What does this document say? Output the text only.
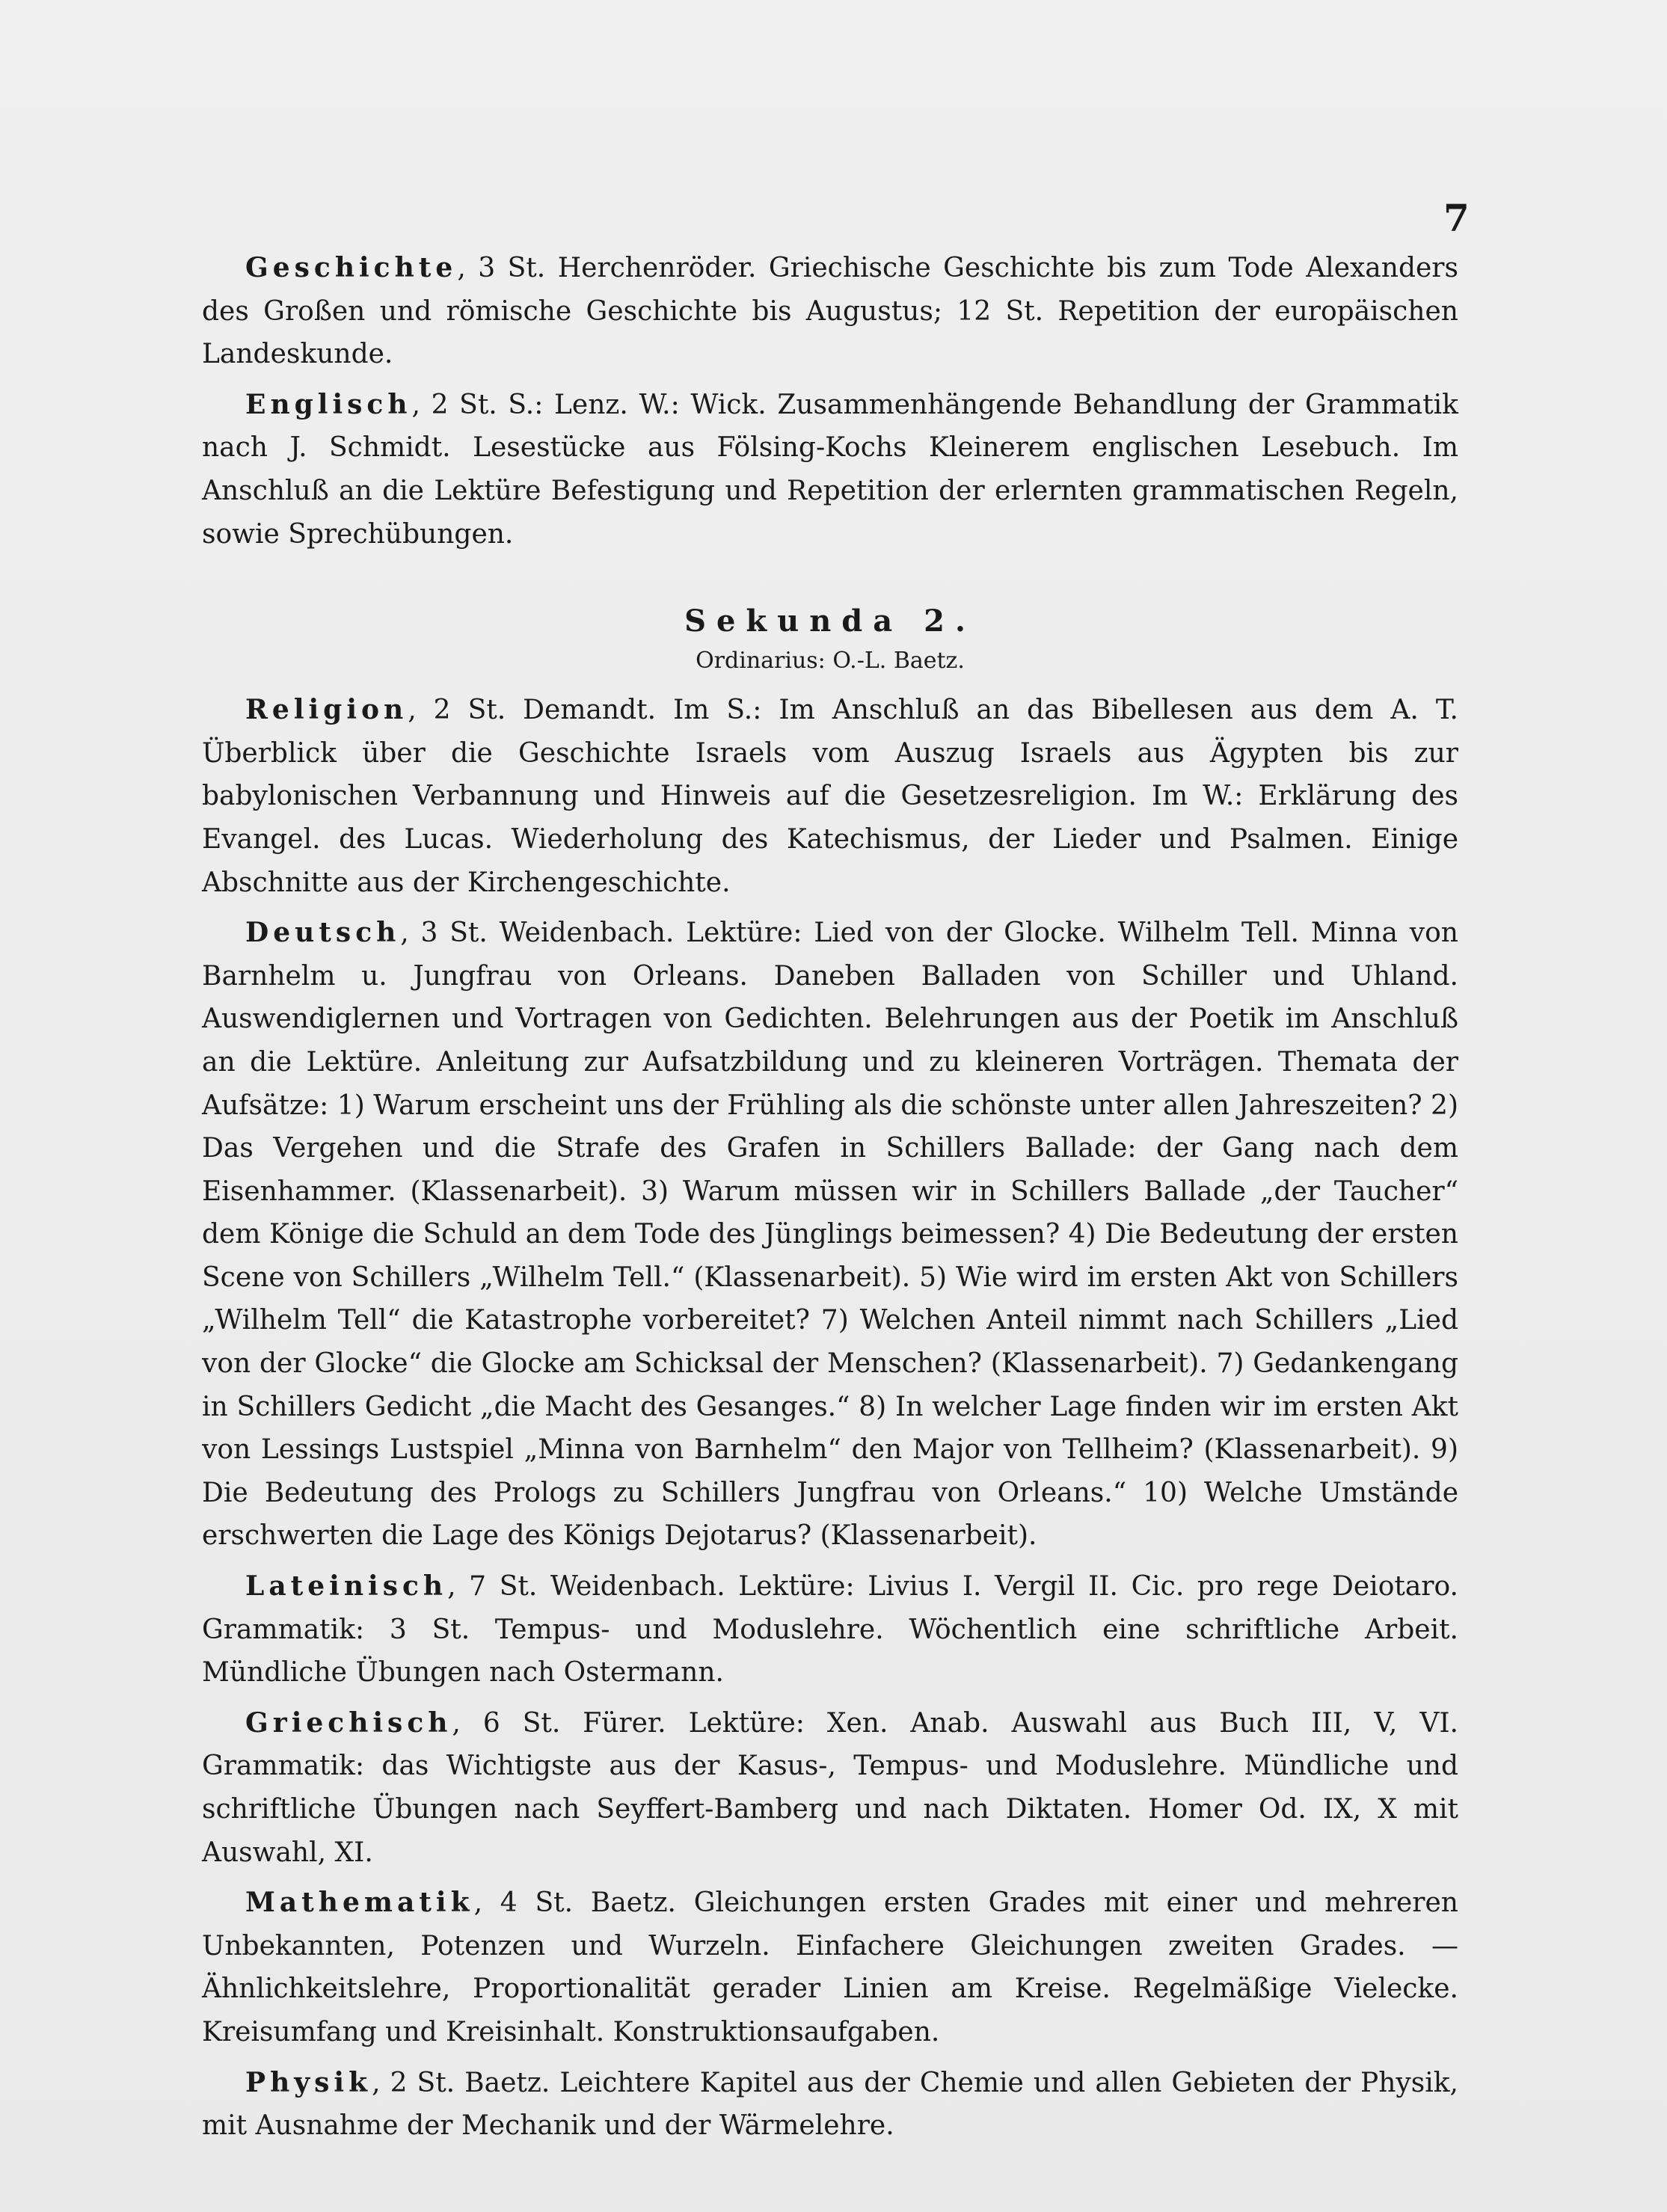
7

Geschichte, 3 St. Herchenröder. Griechische Geschichte bis zum Tode Alexanders des Großen und römische Geschichte bis Augustus; 12 St. Repetition der europäischen Landeskunde.

Englisch, 2 St. S.: Lenz. W.: Wick. Zusammenhängende Behandlung der Grammatik nach J. Schmidt. Lesestücke aus Fölsing-Kochs Kleinerem englischen Lesebuch. Im Anschluß an die Lektüre Befestigung und Repetition der erlernten grammatischen Regeln, sowie Sprechübungen.

Sekunda 2.
Ordinarius: O.-L. Baetz.

Religion, 2 St. Demandt. Im S.: Im Anschluß an das Bibellesen aus dem A. T. Überblick über die Geschichte Israels vom Auszug Israels aus Ägypten bis zur babylonischen Verbannung und Hinweis auf die Gesetzesreligion. Im W.: Erklärung des Evangel. des Lucas. Wiederholung des Katechismus, der Lieder und Psalmen. Einige Abschnitte aus der Kirchengeschichte.

Deutsch, 3 St. Weidenbach. Lektüre: Lied von der Glocke. Wilhelm Tell. Minna von Barnhelm u. Jungfrau von Orleans. Daneben Balladen von Schiller und Uhland. Auswendiglernen und Vortragen von Gedichten. Belehrungen aus der Poetik im Anschluß an die Lektüre. Anleitung zur Aufsatzbildung und zu kleineren Vorträgen. Themata der Aufsätze: 1) Warum erscheint uns der Frühling als die schönste unter allen Jahreszeiten? 2) Das Vergehen und die Strafe des Grafen in Schillers Ballade: der Gang nach dem Eisenhammer. (Klassenarbeit). 3) Warum müssen wir in Schillers Ballade „der Taucher“ dem Könige die Schuld an dem Tode des Jünglings beimessen? 4) Die Bedeutung der ersten Scene von Schillers „Wilhelm Tell.“ (Klassenarbeit). 5) Wie wird im ersten Akt von Schillers „Wilhelm Tell“ die Katastrophe vorbereitet? 7) Welchen Anteil nimmt nach Schillers „Lied von der Glocke“ die Glocke am Schicksal der Menschen? (Klassenarbeit). 7) Gedankengang in Schillers Gedicht „die Macht des Gesanges.“ 8) In welcher Lage finden wir im ersten Akt von Lessings Lustspiel „Minna von Barnhelm“ den Major von Tellheim? (Klassenarbeit). 9) Die Bedeutung des Prologs zu Schillers Jungfrau von Orleans.“ 10) Welche Umstände erschwerten die Lage des Königs Dejotarus? (Klassenarbeit).

Lateinisch, 7 St. Weidenbach. Lektüre: Livius I. Vergil II. Cic. pro rege Deiotaro. Grammatik: 3 St. Tempus- und Moduslehre. Wöchentlich eine schriftliche Arbeit. Mündliche Übungen nach Ostermann.

Griechisch, 6 St. Fürer. Lektüre: Xen. Anab. Auswahl aus Buch III, V, VI. Grammatik: das Wichtigste aus der Kasus-, Tempus- und Moduslehre. Mündliche und schriftliche Übungen nach Seyffert-Bamberg und nach Diktaten. Homer Od. IX, X mit Auswahl, XI.

Mathematik, 4 St. Baetz. Gleichungen ersten Grades mit einer und mehreren Unbekannten, Potenzen und Wurzeln. Einfachere Gleichungen zweiten Grades. — Ähnlichkeitslehre, Proportionalität gerader Linien am Kreise. Regelmäßige Vielecke. Kreisumfang und Kreisinhalt. Konstruktionsaufgaben.

Physik, 2 St. Baetz. Leichtere Kapitel aus der Chemie und allen Gebieten der Physik, mit Ausnahme der Mechanik und der Wärmelehre.
